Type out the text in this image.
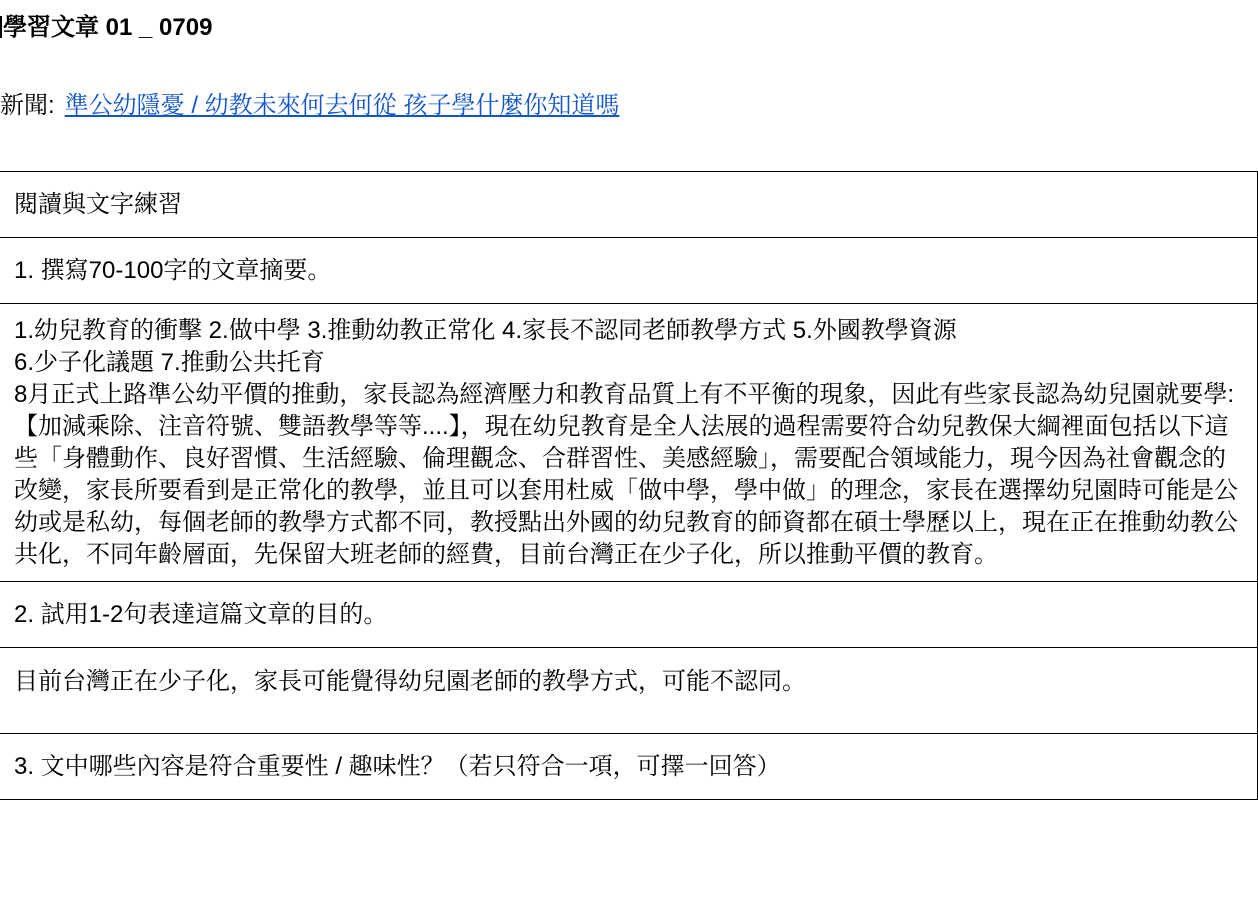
學習文章 01 _ 0709
新聞: 準公幼隱憂 / 幼教未來何去何從 孩子學什麼你知道嗎
閱讀與文字練習
1. 撰寫70-100字的文章摘要。

1.幼兒教育的衝擊 2.做中學 3.推動幼教正常化 4.家長不認同老師教學方式 5.外國教學資源
6.少子化議題 7.推動公共托育
8月正式上路準公幼平價的推動，家長認為經濟壓力和教育品質上有不平衡的現象，因此有些家長認為幼兒園就要學:【加減乘除、注音符號、雙語教學等等....】，現在幼兒教育是全人法展的過程需要符合幼兒教保大綱裡面包括以下這些「身體動作、良好習慣、生活經驗、倫理觀念、合群習性、美感經驗」，需要配合領域能力，現今因為社會觀念的改變，家長所要看到是正常化的教學，並且可以套用杜威「做中學，學中做」的理念，家長在選擇幼兒園時可能是公幼或是私幼，每個老師的教學方式都不同，教授點出外國的幼兒教育的師資都在碩士學歷以上，現在正在推動幼教公共化，不同年齡層面，先保留大班老師的經費，目前台灣正在少子化，所以推動平價的教育。

2. 試用1-2句表達這篇文章的目的。
目前台灣正在少子化，家長可能覺得幼兒園老師的教學方式，可能不認同。
3. 文中哪些內容是符合重要性 / 趣味性？（若只符合一項，可擇一回答）
